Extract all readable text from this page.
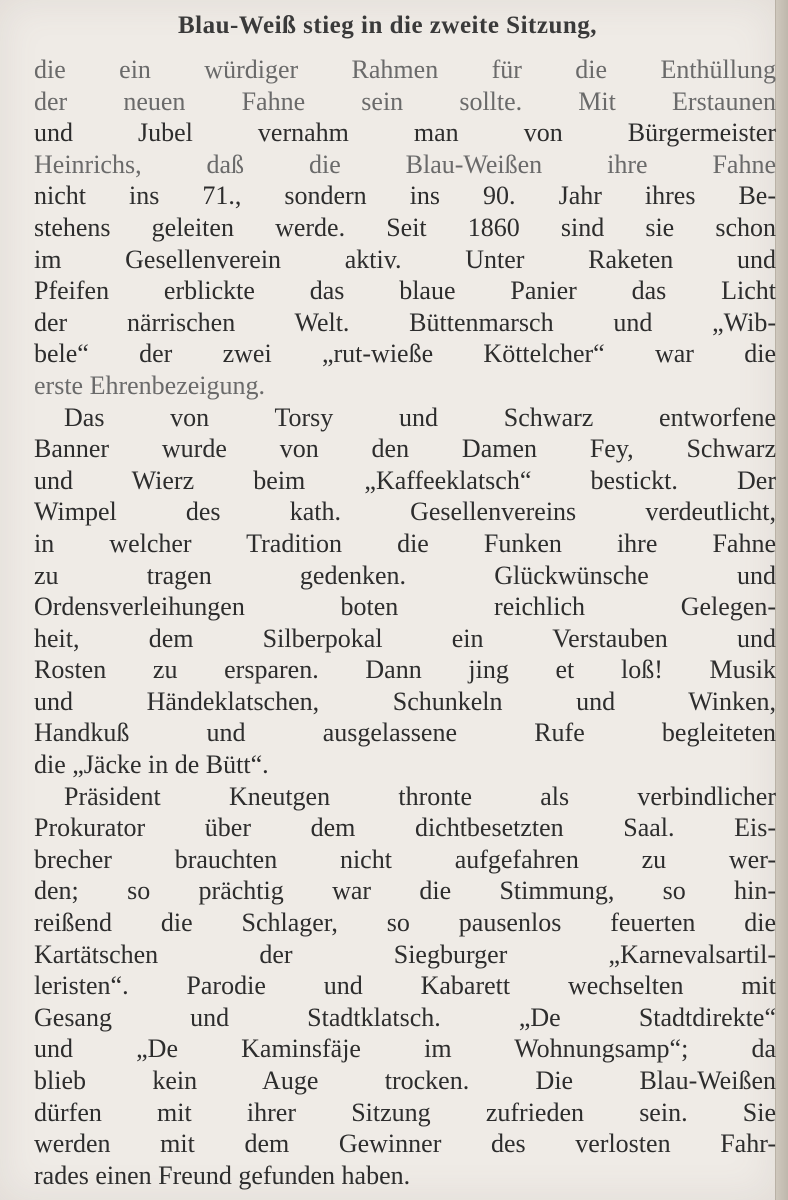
Blau-Weiß stieg in die zweite Sitzung,

die ein würdiger Rahmen für die Enthüllung
der neuen Fahne sein sollte. Mit Erstaunen
und Jubel vernahm man von Bürgermeister
Heinrichs, daß die Blau-Weißen ihre Fahne
nicht ins 71., sondern ins 90. Jahr ihres Be-
stehens geleiten werde. Seit 1860 sind sie schon
im Gesellenverein aktiv. Unter Raketen und
Pfeifen erblickte das blaue Panier das Licht
der närrischen Welt. Büttenmarsch und „Wib-
bele“ der zwei „rut-wieße Köttelcher“ war die
erste Ehrenbezeigung.

Das von Torsy und Schwarz entworfene
Banner wurde von den Damen Fey, Schwarz
und Wierz beim „Kaffeeklatsch“ bestickt. Der
Wimpel des kath. Gesellenvereins verdeutlicht,
in welcher Tradition die Funken ihre Fahne
zu tragen gedenken. Glückwünsche und
Ordensverleihungen boten reichlich Gelegen-
heit, dem Silberpokal ein Verstauben und
Rosten zu ersparen. Dann jing et loß! Musik
und Händeklatschen, Schunkeln und Winken,
Handkuß und ausgelassene Rufe begleiteten
die „Jäcke in de Bütt“.

Präsident Kneutgen thronte als verbindlicher
Prokurator über dem dichtbesetzten Saal. Eis-
brecher brauchten nicht aufgefahren zu wer-
den; so prächtig war die Stimmung, so hin-
reißend die Schlager, so pausenlos feuerten die
Kartätschen der Siegburger „Karnevalsartil-
leristen“. Parodie und Kabarett wechselten mit
Gesang und Stadtklatsch. „De Stadtdirekte“
und „De Kaminsfäje im Wohnungsamp“; da
blieb kein Auge trocken. Die Blau-Weißen
dürfen mit ihrer Sitzung zufrieden sein. Sie
werden mit dem Gewinner des verlosten Fahr-
rades einen Freund gefunden haben.
